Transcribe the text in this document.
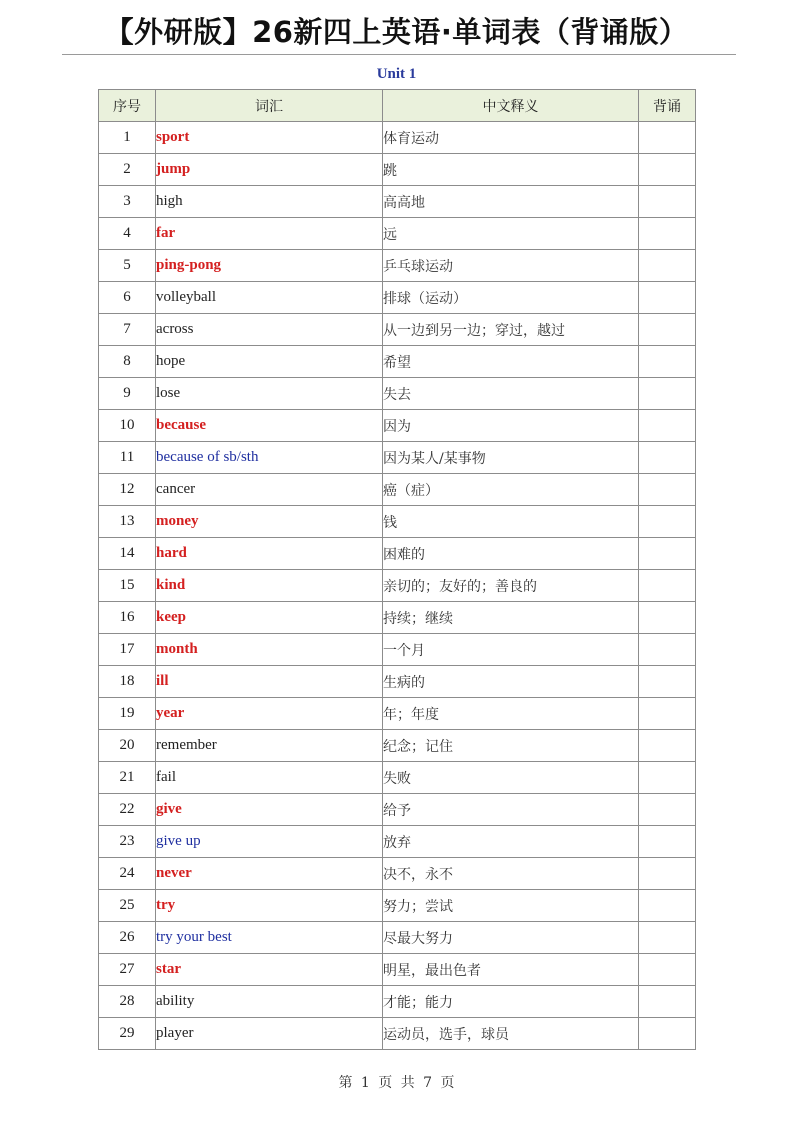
【外研版】26新四上英语·单词表（背诵版）
Unit 1
序号	词汇	中文释义	背诵
1	sport	体育运动	
2	jump	跳	
3	high	高高地	
4	far	远	
5	ping-pong	乒乓球运动	
6	volleyball	排球（运动）	
7	across	从一边到另一边；穿过，越过	
8	hope	希望	
9	lose	失去	
10	because	因为	
11	because of sb/sth	因为某人/某事物	
12	cancer	癌（症）	
13	money	钱	
14	hard	困难的	
15	kind	亲切的；友好的；善良的	
16	keep	持续；继续	
17	month	一个月	
18	ill	生病的	
19	year	年；年度	
20	remember	纪念；记住	
21	fail	失败	
22	give	给予	
23	give up	放弃	
24	never	决不，永不	
25	try	努力；尝试	
26	try your best	尽最大努力	
27	star	明星，最出色者	
28	ability	才能；能力	
29	player	运动员，选手，球员	
第 1 页 共 7 页
